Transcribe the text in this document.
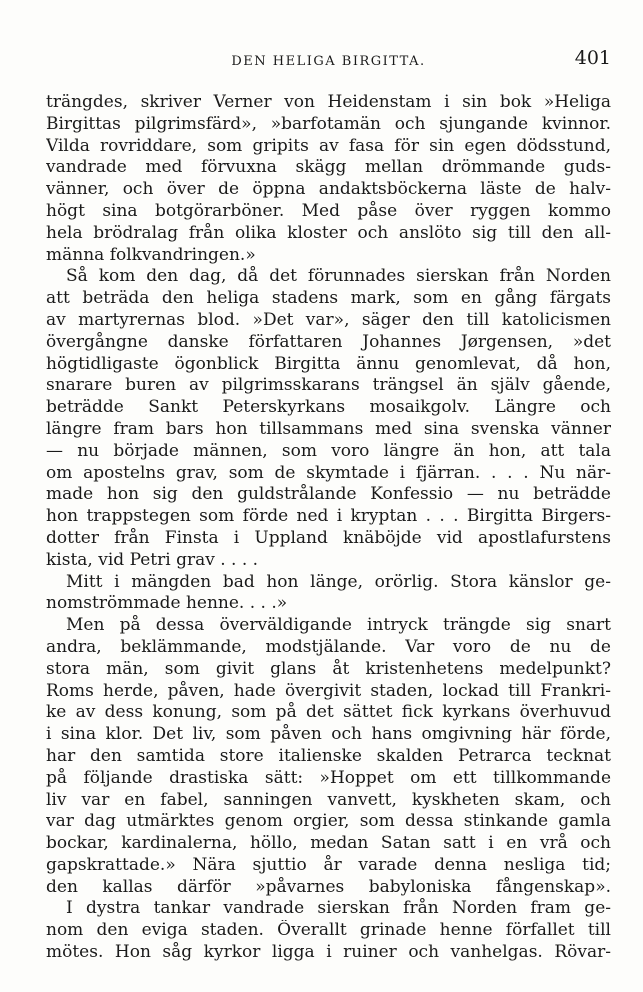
DEN HELIGA BIRGITTA.	401
trängdes, skriver Verner von Heidenstam i sin bok »Heliga
Birgittas pilgrimsfärd», »barfotamän och sjungande kvinnor.
Vilda rovriddare, som gripits av fasa för sin egen dödsstund,
vandrade med förvuxna skägg mellan drömmande guds-
vänner, och över de öppna andaktsböckerna läste de halv-
högt sina botgörarböner. Med påse över ryggen kommo
hela brödralag från olika kloster och anslöto sig till den all-
männa folkvandringen.»
Så kom den dag, då det förunnades sierskan från Norden
att beträda den heliga stadens mark, som en gång färgats
av martyrernas blod. »Det var», säger den till katolicismen
övergångne danske författaren Johannes Jørgensen, »det
högtidligaste ögonblick Birgitta ännu genomlevat, då hon,
snarare buren av pilgrimsskarans trängsel än själv gående,
beträdde Sankt Peterskyrkans mosaikgolv. Längre och
längre fram bars hon tillsammans med sina svenska vänner
— nu började männen, som voro längre än hon, att tala
om apostelns grav, som de skymtade i fjärran. . . . Nu när-
made hon sig den guldstrålande Konfessio — nu beträdde
hon trappstegen som förde ned i kryptan . . . Birgitta Birgers-
dotter från Finsta i Uppland knäböjde vid apostlafurstens
kista, vid Petri grav . . . .
Mitt i mängden bad hon länge, orörlig. Stora känslor ge-
nomströmmade henne. . . .»
Men på dessa överväldigande intryck trängde sig snart
andra, beklämmande, modstjälande. Var voro de nu de
stora män, som givit glans åt kristenhetens medelpunkt?
Roms herde, påven, hade övergivit staden, lockad till Frankri-
ke av dess konung, som på det sättet fick kyrkans överhuvud
i sina klor. Det liv, som påven och hans omgivning här förde,
har den samtida store italienske skalden Petrarca tecknat
på följande drastiska sätt: »Hoppet om ett tillkommande
liv var en fabel, sanningen vanvett, kyskheten skam, och
var dag utmärktes genom orgier, som dessa stinkande gamla
bockar, kardinalerna, höllo, medan Satan satt i en vrå och
gapskrattade.» Nära sjuttio år varade denna nesliga tid;
den kallas därför »påvarnes babyloniska fångenskap».
I dystra tankar vandrade sierskan från Norden fram ge-
nom den eviga staden. Överallt grinade henne förfallet till
mötes. Hon såg kyrkor ligga i ruiner och vanhelgas. Rövar-
